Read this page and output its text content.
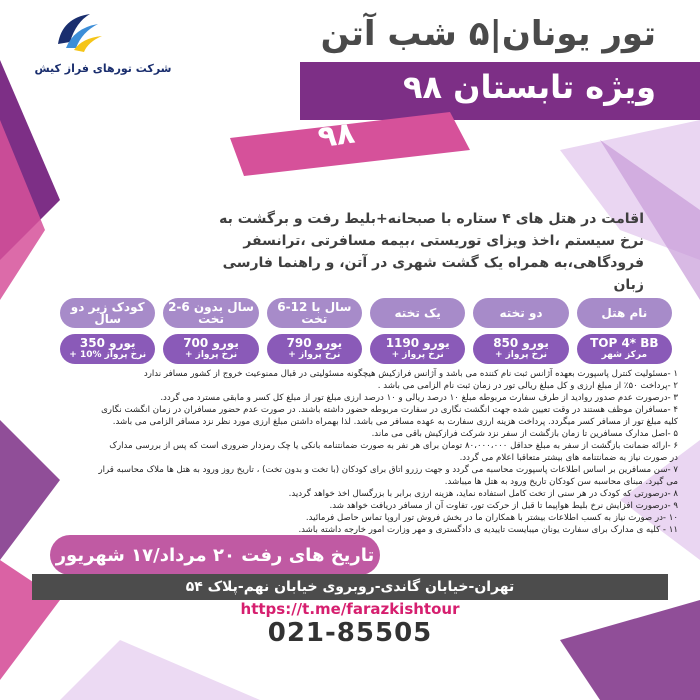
شرکت تورهای فراز کیش
تور یونان|۵ شب آتن
ویژه تابستان ۹۸
۹۸
اقامت در هتل های ۴ ستاره با صبحانه+بلیط رفت و برگشت به نرخ سیستم ،اخذ ویزای توریستی ،بیمه مسافرتی ،ترانسفر فرودگاهی،به همراه یک گشت شهری در آتن، و راهنما فارسی زبان
نام هتل
دو تخته
یک تخته
6-12 سال با تخت
2-6 سال بدون تخت
کودک زیر دو سال
TOP 4* BB
مرکز شهر
850 یورو
+ نرخ پرواز
1190 یورو
+ نرخ پرواز
790 یورو
+ نرخ پرواز
700 یورو
+ نرخ پرواز
350 یورو
+ 10% نرخ پرواز
۱ -مسئولیت کنترل پاسپورت بعهده آژانس ثبت نام کننده می باشد و آژانس فرازکیش هیچگونه مسئولیتی در قبال ممنوعیت خروج از کشور مسافر ندارد
۲ -پرداخت ۵۰٪ از مبلغ ارزی و کل مبلغ ریالی تور در زمان ثبت نام الزامی می باشد .
۳ -درصورت عدم صدور روادید از طرف سفارت مربوطه مبلغ ۱۰ درصد ریالی و ۱۰ درصد ارزی مبلغ تور از مبلغ کل کسر و مابقی مسترد می گردد.
۴ -مسافران موظف هستند در وقت تعیین شده جهت انگشت نگاری در سفارت مربوطه حضور داشته باشند. در صورت عدم حضور مسافران در زمان انگشت نگاری
کلیه مبلغ تور از مسافر کسر میگردد. پرداخت هزینه ارزی سفارت به عهده مسافر می باشد. لذا بهمراه داشتن مبلغ ارزی مورد نظر نزد مسافر الزامی می باشد.
۵ -اصل مدارک مسافرین تا زمان بازگشت از سفر نزد شرکت فرازکیش باقی می ماند.
۶ -ارائه ضمانت بازگشت از سفر به مبلغ حداقل ۸۰،۰۰۰،۰۰۰ تومان برای هر نفر به صورت ضمانتنامه بانکی یا چک رمزدار ضروری است که پس از بررسی مدارک
در صورت نیاز به ضمانتنامه های بیشتر متعاقبا اعلام می گردد.
۷ -سن مسافرین بر اساس اطلاعات پاسپورت محاسبه می گردد و جهت رزرو اتاق برای کودکان (با تخت و بدون تخت) ، تاریخ روز ورود به هتل ها ملاک محاسبه قرار
می گیرد. مبنای محاسبه سن کودکان تاریخ ورود به هتل ها میباشد.
۸ -درصورتی که کودک در هر سنی از تخت کامل استفاده نماید، هزینه ارزی برابر با بزرگسال اخذ خواهد گردید.
۹ -درصورت افزایش نرخ بلیط هواپیما تا قبل از حرکت تور، تفاوت آن از مسافر دریافت خواهد شد.
۱۰ -در صورت نیاز به کسب اطلاعات بیشتر با همکاران ما در بخش فروش تور اروپا تماس حاصل فرمائید.
۱۱ - کلیه ی مدارک برای سفارت یونان میبایست تاییدیه ی دادگستری و مهر وزارت امور خارجه داشته باشد.
تاریخ های رفت ۲۰ مرداد/۱۷ شهریور
تهران-خیابان گاندی-روبروی خیابان نهم-پلاک ۵۴
https://t.me/farazkishtour
021-85505
